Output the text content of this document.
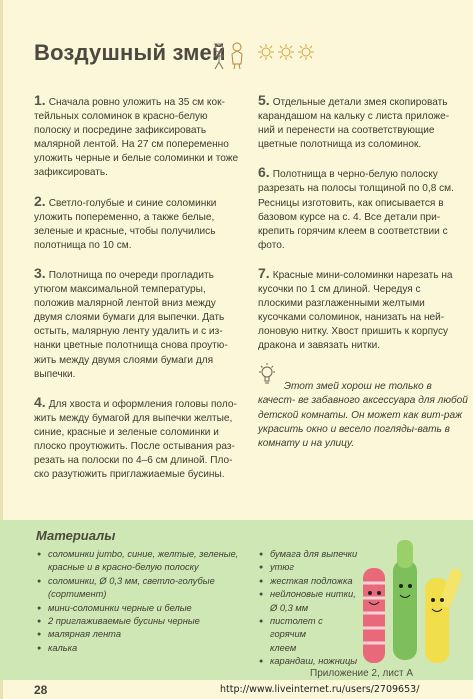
Воздушный змей

1. Сначала ровно уложить на 35 см кок-тейльных соломинок в красно-белую полоску и посредине зафиксировать малярной лентой. На 27 см попеременно уложить черные и белые соломинки и тоже зафиксировать.

2. Светло-голубые и синие соломинки уложить попеременно, а также белые, зеленые и красные, чтобы получились полотнища по 10 см.

3. Полотнища по очереди прогладить утюгом максимальной температуры, положив малярной лентой вниз между двумя слоями бумаги для выпечки. Дать остыть, малярную ленту удалить и с из-нанки цветные полотнища снова проутю-жить между двумя слоями бумаги для выпечки.

4. Для хвоста и оформления головы поло-жить между бумагой для выпечки желтые, синие, красные и зеленые соломинки и плоско проутюжить. После остывания раз-резать на полоски по 4–6 см длиной. Пло-ско разутюжить приглажиаемые бусины.

5. Отдельные детали змея скопировать карандашом на кальку с листа приложе-ний и перенести на соответствующие цветные полотнища из соломинок.

6. Полотнища в черно-белую полоску разрезать на полосы толщиной по 0,8 см. Ресницы изготовить, как описывается в базовом курсе на с. 4. Все детали при-крепить горячим клеем в соответствии с фото.

7. Красные мини-соломинки нарезать на кусочки по 1 см длиной. Чередуя с плоскими разглаженными желтыми кусочками соломинок, нанизать на ней-лоновую нитку. Хвост пришить к корпусу дракона и завязать нитки.

Этот змей хорош не только в качест- ве забавного аксессуара для любой детской комнаты. Он может как вит-раж украсить окно и весело погляды-вать в комнату и на улицу.
Материалы
● соломинки jumbo, синие, желтые, зеленые,
красные и в красно-белую полоску
● соломинки, Ø 0,3 мм, светло-голубые
(сортимент)
● мини-соломинки черные и белые
● 2 приглаживаемые бусины черные
● малярная лента
● калька
● бумага для выпечки
● утюг
● жесткая подложка
● нейлоновые нитки,
Ø 0,3 мм
● пистолет с горячим
клеем
● карандаш, ножницы
Приложение 2, лист А
28	http://www.liveinternet.ru/users/2709653/
